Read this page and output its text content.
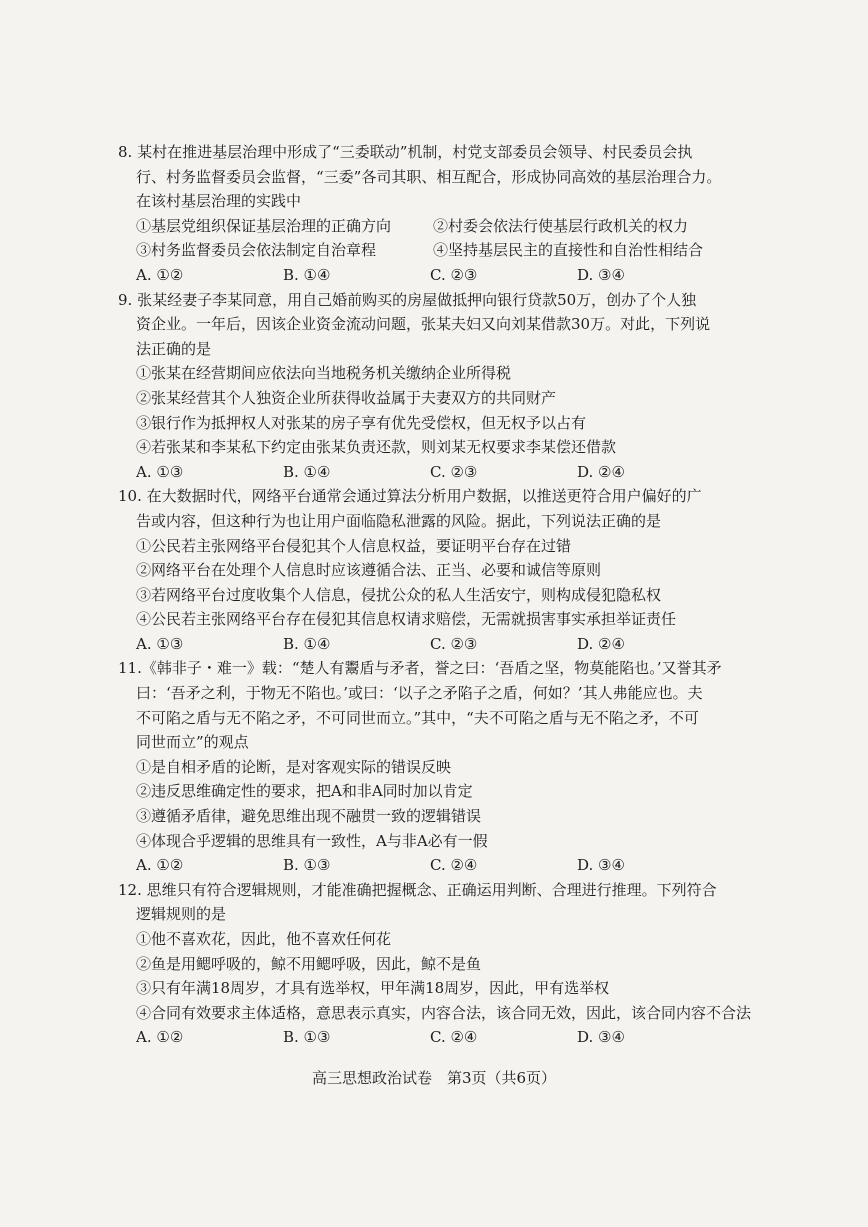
8. 某村在推进基层治理中形成了“三委联动”机制，村党支部委员会领导、村民委员会执
行、村务监督委员会监督，“三委”各司其职、相互配合，形成协同高效的基层治理合力。
在该村基层治理的实践中
①基层党组织保证基层治理的正确方向	②村委会依法行使基层行政机关的权力
③村务监督委员会依法制定自治章程	④坚持基层民主的直接性和自治性相结合
A. ①②	B. ①④	C. ②③	D. ③④
9. 张某经妻子李某同意，用自己婚前购买的房屋做抵押向银行贷款50万，创办了个人独
资企业。一年后，因该企业资金流动问题，张某夫妇又向刘某借款30万。对此，下列说
法正确的是
①张某在经营期间应依法向当地税务机关缴纳企业所得税
②张某经营其个人独资企业所获得收益属于夫妻双方的共同财产
③银行作为抵押权人对张某的房子享有优先受偿权，但无权予以占有
④若张某和李某私下约定由张某负责还款，则刘某无权要求李某偿还借款
A. ①③	B. ①④	C. ②③	D. ②④
10. 在大数据时代，网络平台通常会通过算法分析用户数据，以推送更符合用户偏好的广
告或内容，但这种行为也让用户面临隐私泄露的风险。据此，下列说法正确的是
①公民若主张网络平台侵犯其个人信息权益，要证明平台存在过错
②网络平台在处理个人信息时应该遵循合法、正当、必要和诚信等原则
③若网络平台过度收集个人信息，侵扰公众的私人生活安宁，则构成侵犯隐私权
④公民若主张网络平台存在侵犯其信息权请求赔偿，无需就损害事实承担举证责任
A. ①③	B. ①④	C. ②③	D. ②④
11.《韩非子・难一》载：“楚人有鬻盾与矛者，誉之曰：‘吾盾之坚，物莫能陷也。’又誉其矛
曰：‘吾矛之利，于物无不陷也。’或曰：‘以子之矛陷子之盾，何如？’其人弗能应也。夫
不可陷之盾与无不陷之矛，不可同世而立。”其中，“夫不可陷之盾与无不陷之矛，不可
同世而立”的观点
①是自相矛盾的论断，是对客观实际的错误反映
②违反思维确定性的要求，把A和非A同时加以肯定
③遵循矛盾律，避免思维出现不融贯一致的逻辑错误
④体现合乎逻辑的思维具有一致性，A与非A必有一假
A. ①②	B. ①③	C. ②④	D. ③④
12. 思维只有符合逻辑规则，才能准确把握概念、正确运用判断、合理进行推理。下列符合
逻辑规则的是
①他不喜欢花，因此，他不喜欢任何花
②鱼是用鳃呼吸的，鲸不用鳃呼吸，因此，鲸不是鱼
③只有年满18周岁，才具有选举权，甲年满18周岁，因此，甲有选举权
④合同有效要求主体适格，意思表示真实，内容合法，该合同无效，因此，该合同内容不合法
A. ①②	B. ①③	C. ②④	D. ③④
高三思想政治试卷　第3页（共6页）
